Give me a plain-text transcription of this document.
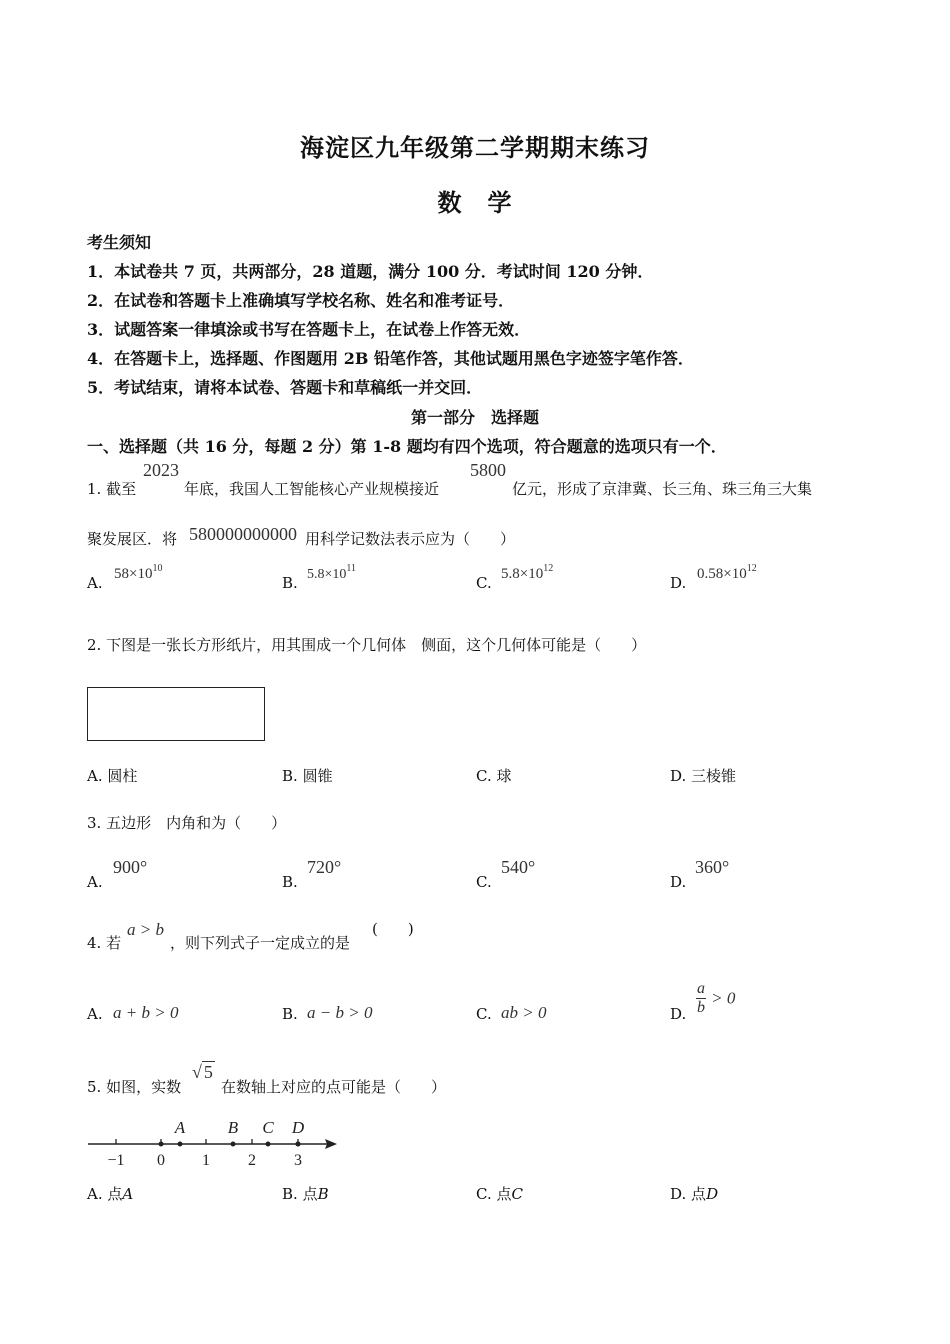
海淀区九年级第二学期期末练习
数　学
考生须知
1．本试卷共 7 页，共两部分，28 道题，满分 100 分．考试时间 120 分钟．
2．在试卷和答题卡上准确填写学校名称、姓名和准考证号．
3．试题答案一律填涂或书写在答题卡上，在试卷上作答无效．
4．在答题卡上，选择题、作图题用 2B 铅笔作答，其他试题用黑色字迹签字笔作答．
5．考试结束，请将本试卷、答题卡和草稿纸一并交回．
第一部分　选择题
一、选择题（共 16 分，每题 2 分）第 1-8 题均有四个选项，符合题意的选项只有一个．
1. 截至
2023
年底，我国人工智能核心产业规模接近
5800
亿元，形成了京津冀、长三角、珠三角三大集
聚发展区．将 580000000000 用科学记数法表示应为（　　）
A. $58\times 10^{10}$
B. $5.8\times 10^{11}$
C. $5.8\times 10^{12}$
D. $0.58\times 10^{12}$
2. 下图是一张长方形纸片，用其围成一个几何体　侧面，这个几何体可能是（　　）
A. 圆柱	B. 圆锥	C. 球	D. 三棱锥
3. 五边形　内角和为（　　）
A.
900°
B.
720°
C.
540°
D.
360°
4. 若
a > b
，则下列式子一定成立的是
(　　)
A. a + b > 0	B. a − b > 0	C. ab > 0	D. $\frac{a}{b} > 0$
5. 如图，实数
√ 5
在数轴上对应的点可能是（　　）
−1 0 1 2 3
A	B C D
A. 点A	B. 点B	C. 点C	D. 点D
